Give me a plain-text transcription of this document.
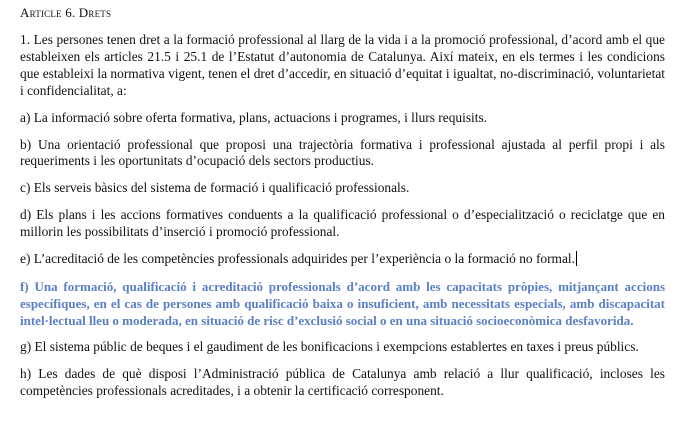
Article 6. Drets

1. Les persones tenen dret a la formació professional al llarg de la vida i a la promoció professional, d’acord amb el que estableixen els articles 21.5 i 25.1 de l’Estatut d’autonomia de Catalunya. Així mateix, en els termes i les condicions que estableixi la normativa vigent, tenen el dret d’accedir, en situació d’equitat i igualtat, no-discriminació, voluntarietat i confidencialitat, a:

a) La informació sobre oferta formativa, plans, actuacions i programes, i llurs requisits.

b) Una orientació professional que proposi una trajectòria formativa i professional ajustada al perfil propi i als requeriments i les oportunitats d’ocupació dels sectors productius.

c) Els serveis bàsics del sistema de formació i qualificació professionals.

d) Els plans i les accions formatives conduents a la qualificació professional o d’especialització o reciclatge que en millorin les possibilitats d’inserció i promoció professional.

e) L’acreditació de les competències professionals adquirides per l’experiència o la formació no formal.

f) Una formació, qualificació i acreditació professionals d’acord amb les capacitats pròpies, mitjançant accions específiques, en el cas de persones amb qualificació baixa o insuficient, amb necessitats especials, amb discapacitat intel·lectual lleu o moderada, en situació de risc d’exclusió social o en una situació socioeconòmica desfavorida.

g) El sistema públic de beques i el gaudiment de les bonificacions i exempcions establertes en taxes i preus públics.

h) Les dades de què disposi l’Administració pública de Catalunya amb relació a llur qualificació, incloses les competències professionals acreditades, i a obtenir la certificació corresponent.
